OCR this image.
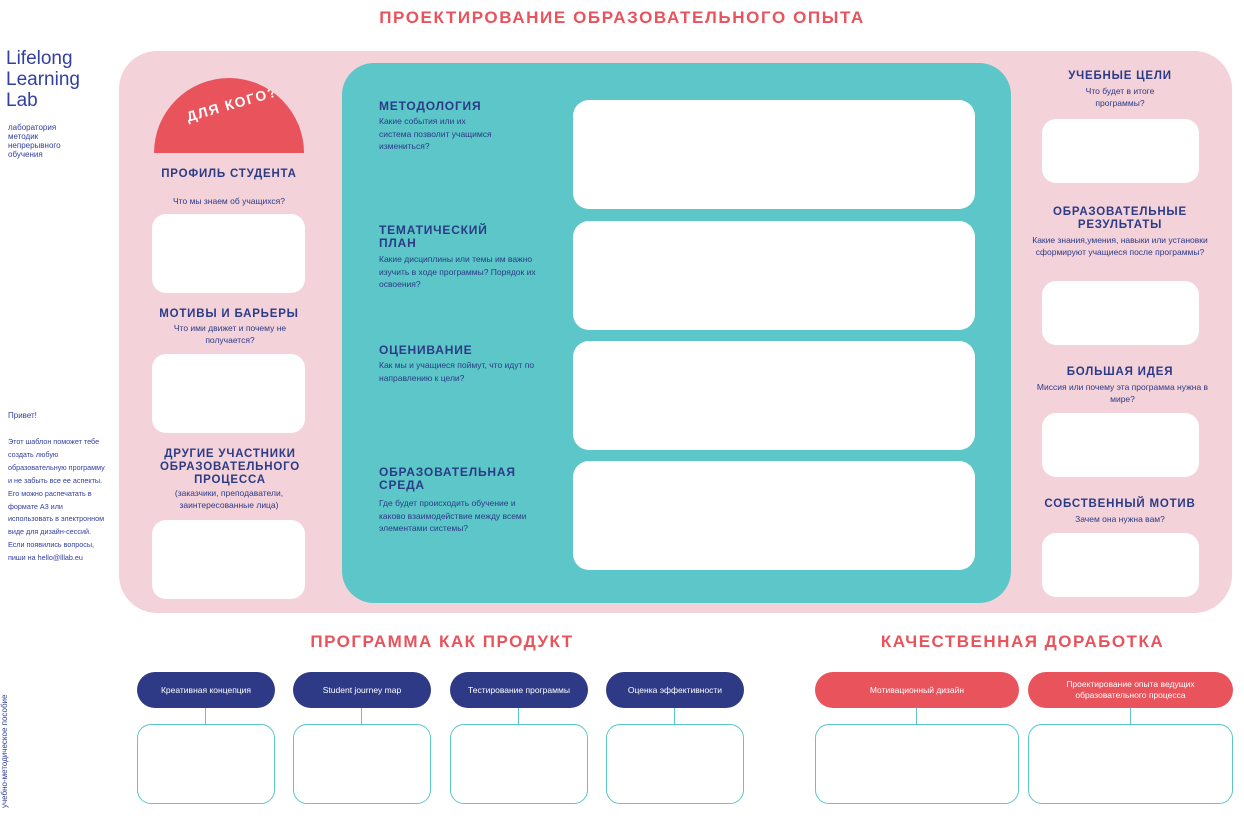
ПРОЕКТИРОВАНИЕ ОБРАЗОВАТЕЛЬНОГО ОПЫТА
Lifelong
Learning
Lab
лаборатория методик непрерывного обучения
Привет!
Этот шаблон поможет тебе создать любую образовательную программу и не забыть все ее аспекты. Его можно распечатать в формате А3 или использовать в электронном виде для дизайн-сессий. Если появились вопросы, пиши на hello@lllab.eu
учебно-методическое пособие
ДЛЯ КОГО?
ПРОФИЛЬ СТУДЕНТА
Что мы знаем об учащихся?
МОТИВЫ И БАРЬЕРЫ
Что ими движет и почему не получается?
ДРУГИЕ УЧАСТНИКИ ОБРАЗОВАТЕЛЬНОГО ПРОЦЕССА
(заказчики, преподаватели, заинтересованные лица)
МЕТОДОЛОГИЯ
Какие события или их система позволит учащимся измениться?
ТЕМАТИЧЕСКИЙ ПЛАН
Какие дисциплины или темы им важно изучить в ходе программы? Порядок их освоения?
ОЦЕНИВАНИЕ
Как мы и учащиеся поймут, что идут по направлению к цели?
ОБРАЗОВАТЕЛЬНАЯ СРЕДА
Где будет происходить обучение и каково взаимодействие между всеми элементами системы?
УЧЕБНЫЕ ЦЕЛИ
Что будет в итоге программы?
ОБРАЗОВАТЕЛЬНЫЕ РЕЗУЛЬТАТЫ
Какие знания,умения, навыки или установки сформируют учащиеся после программы?
БОЛЬШАЯ ИДЕЯ
Миссия или почему эта программа нужна в мире?
СОБСТВЕННЫЙ МОТИВ
Зачем она нужна вам?
ПРОГРАММА КАК ПРОДУКТ
Креативная концепция	Student journey map	Тестирование программы	Оценка эффективности
КАЧЕСТВЕННАЯ ДОРАБОТКА
Мотивационный дизайн
Проектирование опыта ведущих образовательного процесса
